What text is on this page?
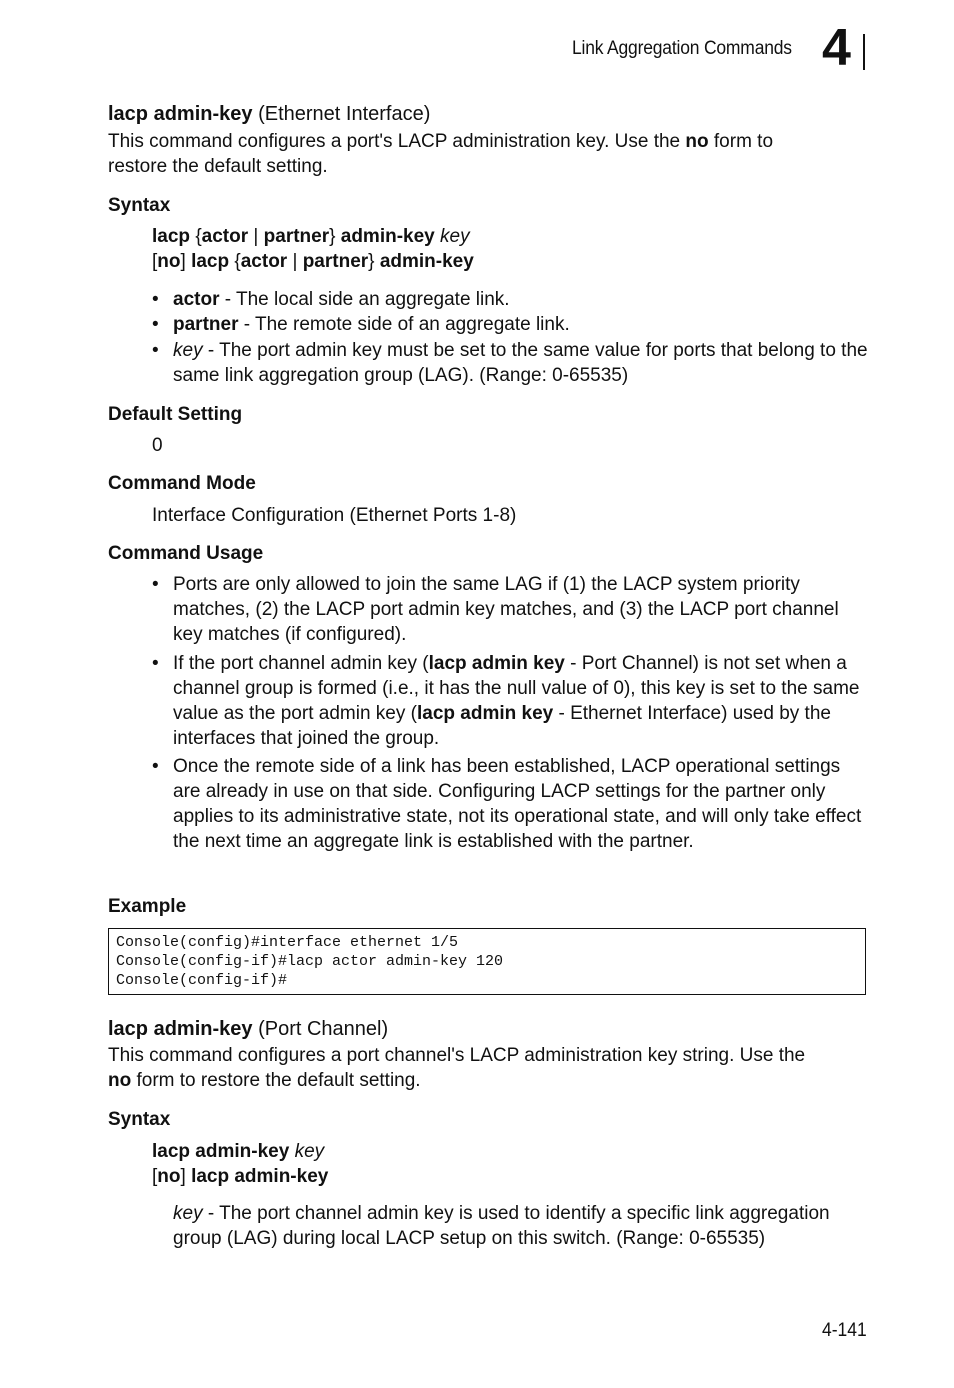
Link Aggregation Commands 4
lacp admin-key (Ethernet Interface)
This command configures a port's LACP administration key. Use the no form to
restore the default setting.
Syntax
lacp {actor | partner} admin-key key
[no] lacp {actor | partner} admin-key
• actor - The local side an aggregate link.
• partner - The remote side of an aggregate link.
• key - The port admin key must be set to the same value for ports that belong to the same link aggregation group (LAG). (Range: 0-65535)
Default Setting
0
Command Mode
Interface Configuration (Ethernet Ports 1-8)
Command Usage
• Ports are only allowed to join the same LAG if (1) the LACP system priority matches, (2) the LACP port admin key matches, and (3) the LACP port channel key matches (if configured).
• If the port channel admin key (lacp admin key - Port Channel) is not set when a channel group is formed (i.e., it has the null value of 0), this key is set to the same value as the port admin key (lacp admin key - Ethernet Interface) used by the interfaces that joined the group.
• Once the remote side of a link has been established, LACP operational settings are already in use on that side. Configuring LACP settings for the partner only applies to its administrative state, not its operational state, and will only take effect the next time an aggregate link is established with the partner.
Example
Console(config)#interface ethernet 1/5
Console(config-if)#lacp actor admin-key 120
Console(config-if)#
lacp admin-key (Port Channel)
This command configures a port channel's LACP administration key string. Use the
no form to restore the default setting.
Syntax
lacp admin-key key
[no] lacp admin-key
key - The port channel admin key is used to identify a specific link aggregation group (LAG) during local LACP setup on this switch. (Range: 0-65535)
4-141
